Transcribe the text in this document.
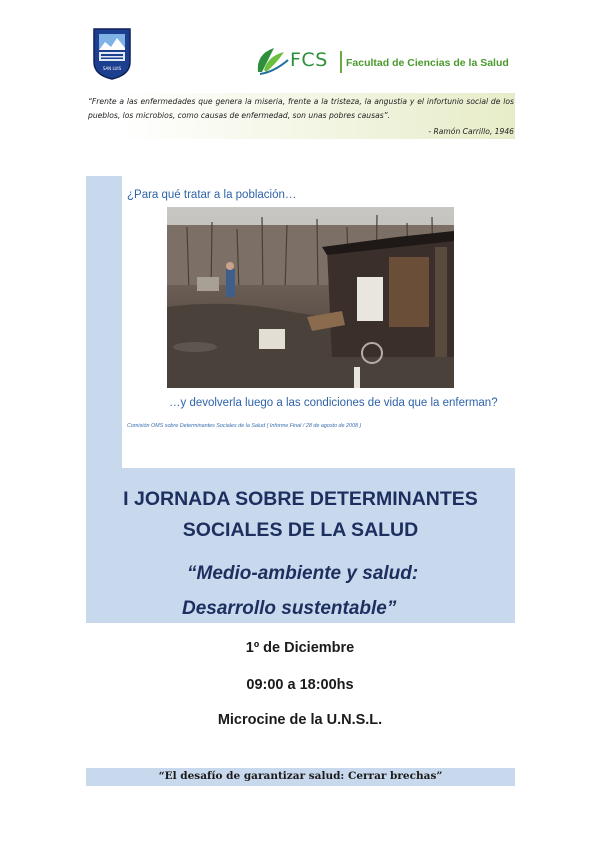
SAN LUIS	FCS Facultad de Ciencias de la Salud

“Frente a las enfermedades que genera la miseria, frente a la tristeza, la angustia y el infortunio social de los pueblos, los microbios, como causas de enfermedad, son unas pobres causas”.

- Ramón Carrillo, 1946

¿Para qué tratar a la población…

…y devolverla luego a las condiciones de vida que la enferman?

Comisión OMS sobre Determinantes Sociales de la Salud ( Informe Final / 28 de agosto de 2008 )

I JORNADA SOBRE DETERMINANTES
SOCIALES DE LA SALUD
“Medio-ambiente y salud:
Desarrollo sustentable”
1º de Diciembre
09:00 a 18:00hs
Microcine de la U.N.S.L.
“El desafío de garantizar salud: Cerrar brechas”
